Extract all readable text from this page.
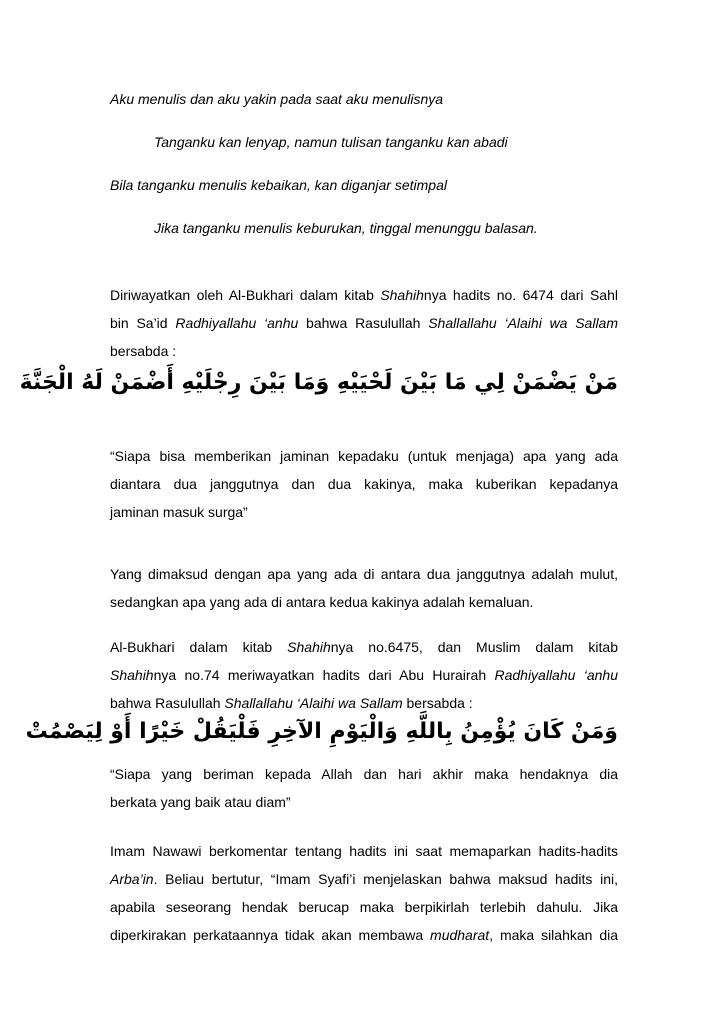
Aku menulis dan aku yakin pada saat aku menulisnya
Tanganku kan lenyap, namun tulisan tanganku kan abadi
Bila tanganku menulis kebaikan, kan diganjar setimpal
Jika tanganku menulis keburukan, tinggal menunggu balasan.
Diriwayatkan oleh Al-Bukhari dalam kitab Shahihnya hadits no. 6474 dari Sahl
bin Sa’id Radhiyallahu ‘anhu bahwa Rasulullah Shallallahu ‘Alaihi wa Sallam
bersabda :
مَنْ يَضْمَنْ لِي مَا بَيْنَ لَحْيَيْهِ وَمَا بَيْنَ رِجْلَيْهِ أَضْمَنْ لَهُ الْجَنَّةَ
“Siapa bisa memberikan jaminan kepadaku (untuk menjaga) apa yang ada
diantara dua janggutnya dan dua kakinya, maka kuberikan kepadanya
jaminan masuk surga”
Yang dimaksud dengan apa yang ada di antara dua janggutnya adalah mulut,
sedangkan apa yang ada di antara kedua kakinya adalah kemaluan.
Al-Bukhari dalam kitab Shahihnya no.6475, dan Muslim dalam kitab
Shahihnya no.74 meriwayatkan hadits dari Abu Hurairah Radhiyallahu ‘anhu
bahwa Rasulullah Shallallahu ‘Alaihi wa Sallam bersabda :
وَمَنْ كَانَ يُؤْمِنُ بِاللَّهِ وَالْيَوْمِ الآخِرِ فَلْيَقُلْ خَيْرًا أَوْ لِيَصْمُتْ
“Siapa yang beriman kepada Allah dan hari akhir maka hendaknya dia
berkata yang baik atau diam”
Imam Nawawi berkomentar tentang hadits ini saat memaparkan hadits-hadits
Arba’in. Beliau bertutur, “Imam Syafi’i menjelaskan bahwa maksud hadits ini,
apabila seseorang hendak berucap maka berpikirlah terlebih dahulu. Jika
diperkirakan perkataannya tidak akan membawa mudharat, maka silahkan dia
